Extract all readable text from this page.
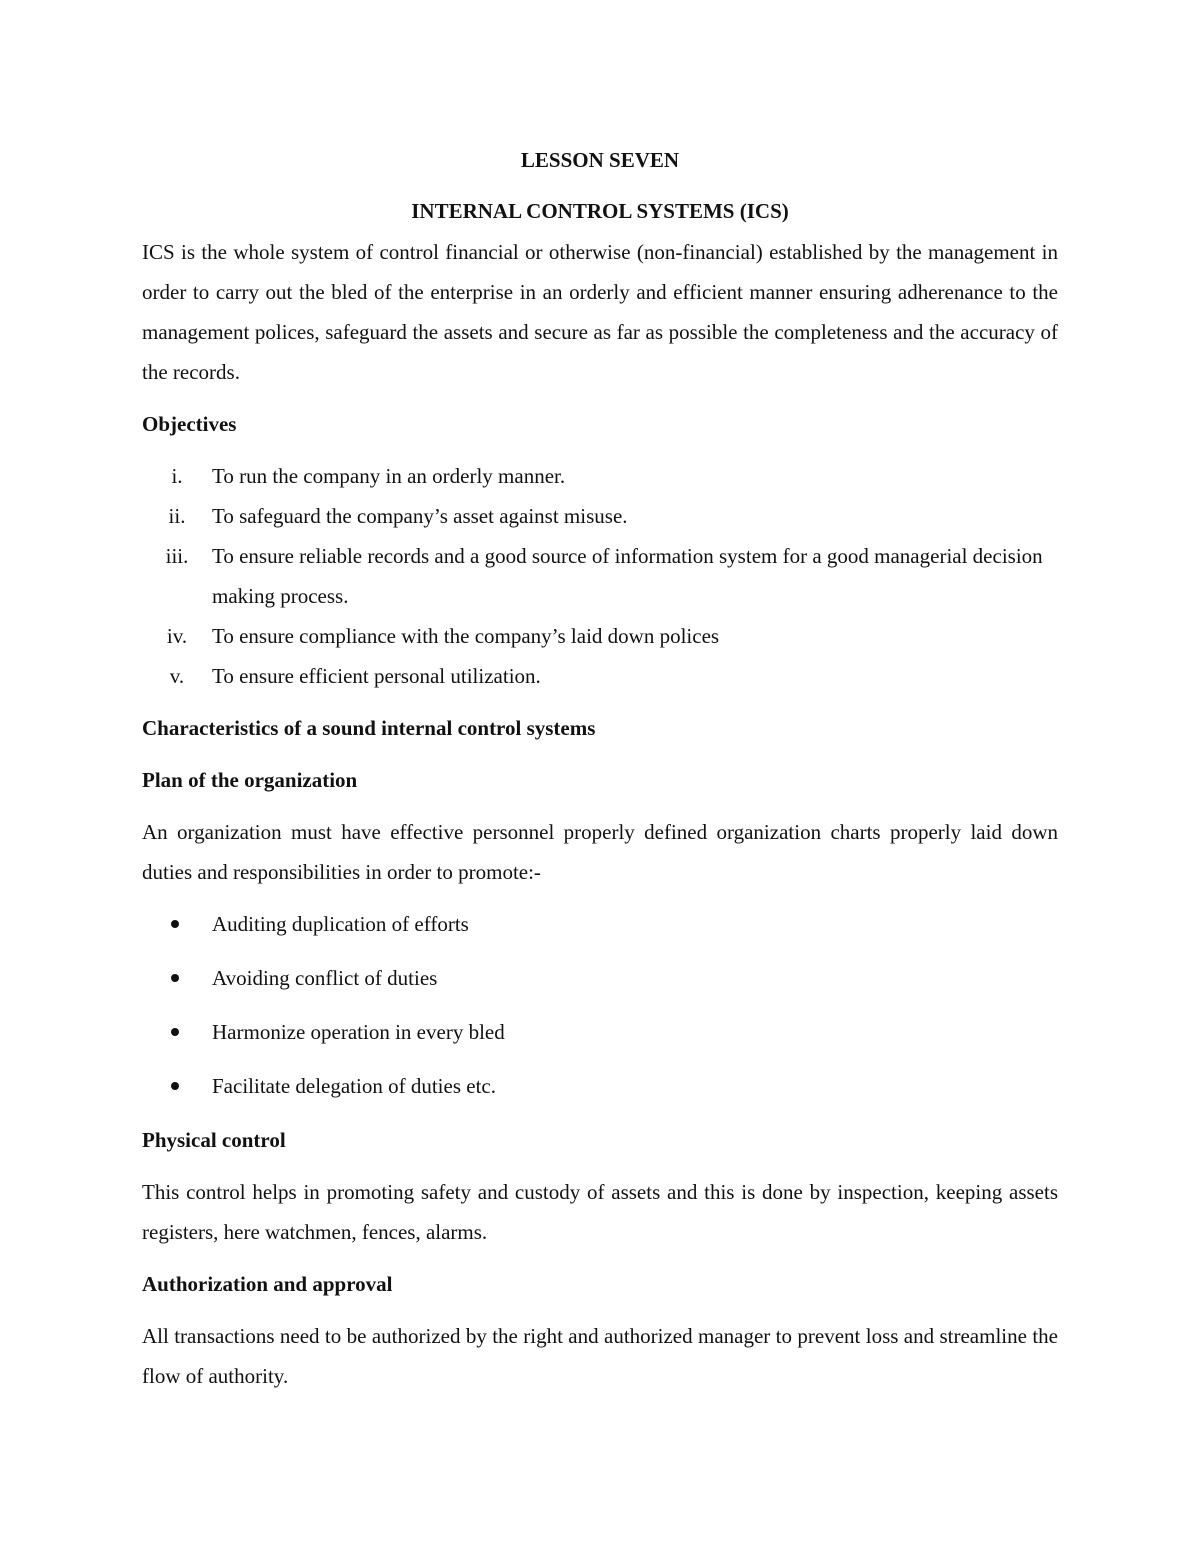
LESSON SEVEN

INTERNAL CONTROL SYSTEMS (ICS)

ICS is the whole system of control financial or otherwise (non-financial) established by the management in order to carry out the bled of the enterprise in an orderly and efficient manner ensuring adherenance to the management polices, safeguard the assets and secure as far as possible the completeness and the accuracy of the records.

Objectives

i.	To run the company in an orderly manner.
ii.	To safeguard the company’s asset against misuse.
iii.	To ensure reliable records and a good source of information system for a good managerial decision making process.
iv.	To ensure compliance with the company’s laid down polices
v.	To ensure efficient personal utilization.

Characteristics of a sound internal control systems

Plan of the organization

An organization must have effective personnel properly defined organization charts properly laid down duties and responsibilities in order to promote:-

Auditing duplication of efforts
Avoiding conflict of duties
Harmonize operation in every bled
Facilitate delegation of duties etc.

Physical control

This control helps in promoting safety and custody of assets and this is done by inspection, keeping assets registers, here watchmen, fences, alarms.

Authorization and approval

All transactions need to be authorized by the right and authorized manager to prevent loss and streamline the flow of authority.
